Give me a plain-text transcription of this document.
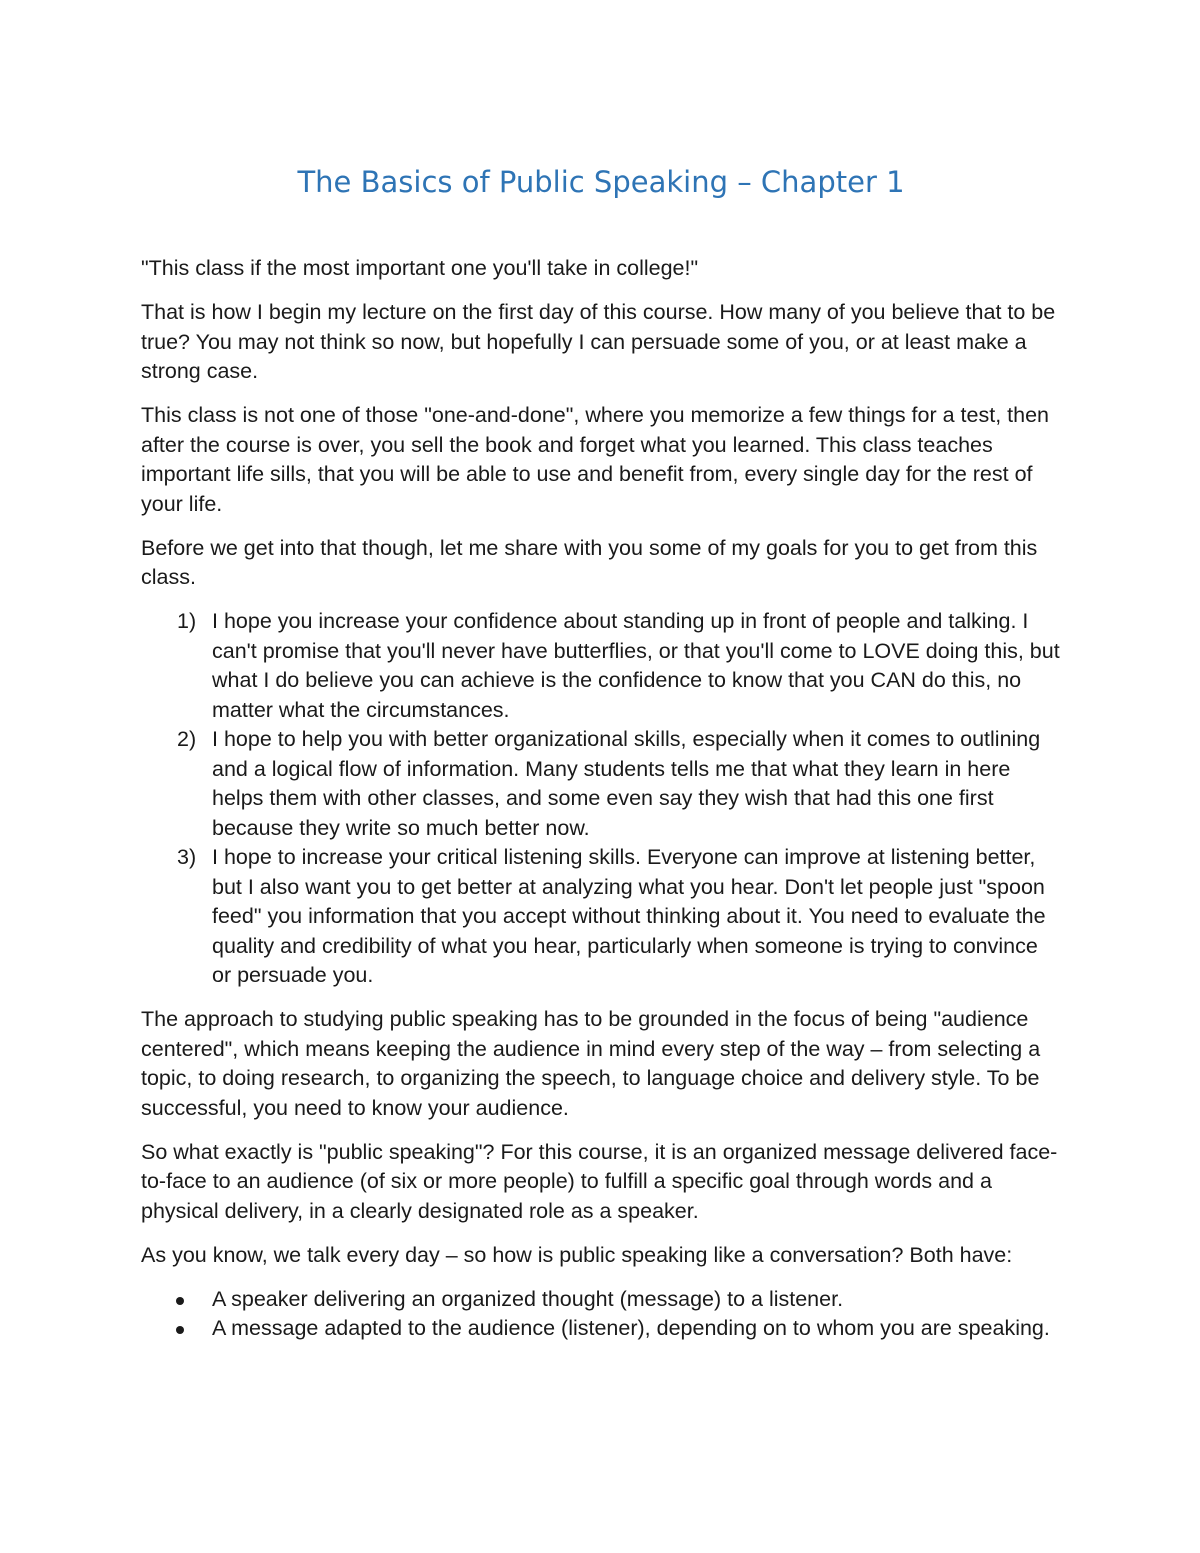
The Basics of Public Speaking – Chapter 1

"This class if the most important one you'll take in college!"

That is how I begin my lecture on the first day of this course. How many of you believe that to be true? You may not think so now, but hopefully I can persuade some of you, or at least make a strong case.

This class is not one of those "one-and-done", where you memorize a few things for a test, then after the course is over, you sell the book and forget what you learned. This class teaches important life sills, that you will be able to use and benefit from, every single day for the rest of your life.

Before we get into that though, let me share with you some of my goals for you to get from this class.

1) I hope you increase your confidence about standing up in front of people and talking. I can't promise that you'll never have butterflies, or that you'll come to LOVE doing this, but what I do believe you can achieve is the confidence to know that you CAN do this, no matter what the circumstances.
2) I hope to help you with better organizational skills, especially when it comes to outlining and a logical flow of information. Many students tells me that what they learn in here helps them with other classes, and some even say they wish that had this one first because they write so much better now.
3) I hope to increase your critical listening skills. Everyone can improve at listening better, but I also want you to get better at analyzing what you hear. Don't let people just "spoon feed" you information that you accept without thinking about it. You need to evaluate the quality and credibility of what you hear, particularly when someone is trying to convince or persuade you.

The approach to studying public speaking has to be grounded in the focus of being "audience centered", which means keeping the audience in mind every step of the way – from selecting a topic, to doing research, to organizing the speech, to language choice and delivery style. To be successful, you need to know your audience.

So what exactly is "public speaking"? For this course, it is an organized message delivered face-to-face to an audience (of six or more people) to fulfill a specific goal through words and a physical delivery, in a clearly designated role as a speaker.

As you know, we talk every day – so how is public speaking like a conversation? Both have:

A speaker delivering an organized thought (message) to a listener.
A message adapted to the audience (listener), depending on to whom you are speaking.
